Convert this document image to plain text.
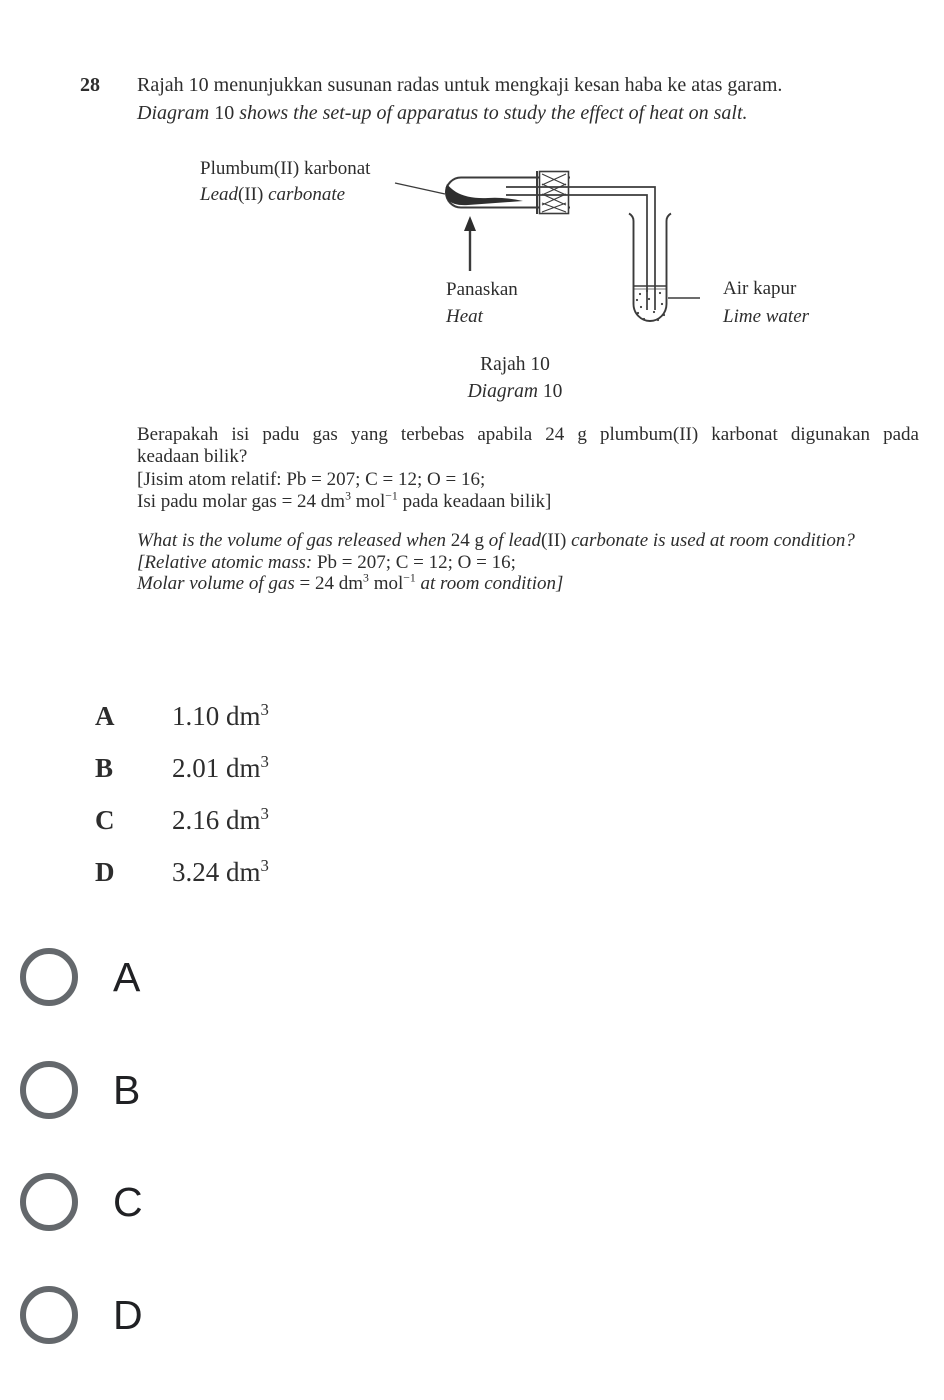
28 Rajah 10 menunjukkan susunan radas untuk mengkaji kesan haba ke atas garam.
Diagram 10 shows the set-up of apparatus to study the effect of heat on salt.
Plumbum(II) karbonat
Lead(II) carbonate
Panaskan
Heat
Air kapur
Lime water
Rajah 10
Diagram 10
Berapakah isi padu gas yang terbebas apabila 24 g plumbum(II) karbonat digunakan pada
keadaan bilik?
[Jisim atom relatif: Pb = 207; C = 12; O = 16;
Isi padu molar gas = 24 $dm^3$ mol$^{-1}$ pada keadaan bilik]
What is the volume of gas released when 24 g of lead(II) carbonate is used at room condition?
[Relative atomic mass: Pb = 207; C = 12; O = 16;
Molar volume of gas = 24 $dm^3$ mol$^{-1}$ at room condition]
A 1.10 $dm^3$
B 2.01 $dm^3$
C 2.16 $dm^3$
D 3.24 $dm^3$
A
B
C
D
